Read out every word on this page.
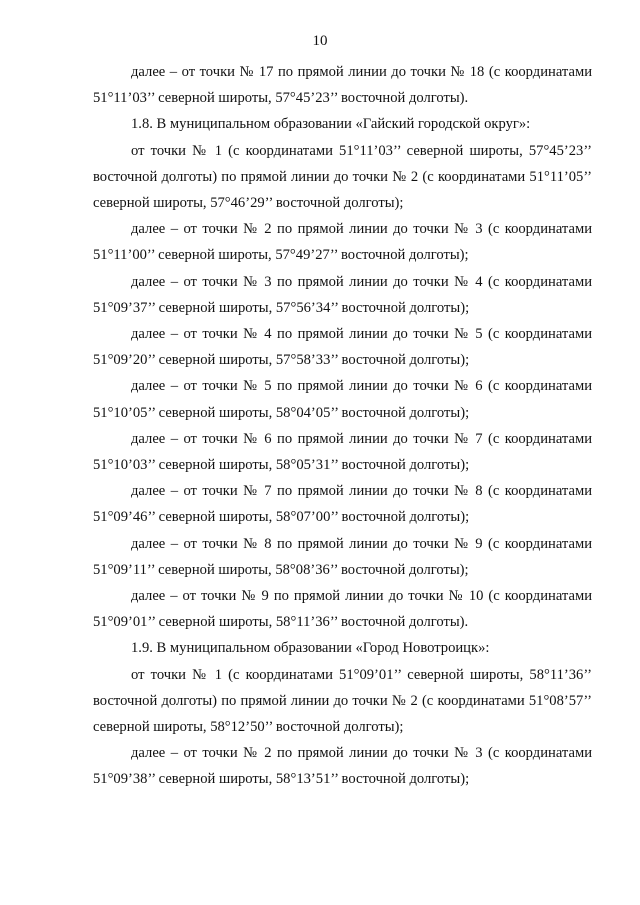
10

далее – от точки № 17 по прямой линии до точки № 18 (с координатами 51°11’03’’ северной широты, 57°45’23’’ восточной долготы).

1.8. В муниципальном образовании «Гайский городской округ»:

от точки № 1 (с координатами 51°11’03’’ северной широты, 57°45’23’’ восточной долготы) по прямой линии до точки № 2 (с координатами 51°11’05’’ северной широты, 57°46’29’’ восточной долготы);

далее – от точки № 2 по прямой линии до точки № 3 (с координатами 51°11’00’’ северной широты, 57°49’27’’ восточной долготы);

далее – от точки № 3 по прямой линии до точки № 4 (с координатами 51°09’37’’ северной широты, 57°56’34’’ восточной долготы);

далее – от точки № 4 по прямой линии до точки № 5 (с координатами 51°09’20’’ северной широты, 57°58’33’’ восточной долготы);

далее – от точки № 5 по прямой линии до точки № 6 (с координатами 51°10’05’’ северной широты, 58°04’05’’ восточной долготы);

далее – от точки № 6 по прямой линии до точки № 7 (с координатами 51°10’03’’ северной широты, 58°05’31’’ восточной долготы);

далее – от точки № 7 по прямой линии до точки № 8 (с координатами 51°09’46’’ северной широты, 58°07’00’’ восточной долготы);

далее – от точки № 8 по прямой линии до точки № 9 (с координатами 51°09’11’’ северной широты, 58°08’36’’ восточной долготы);

далее – от точки № 9 по прямой линии до точки № 10 (с координатами 51°09’01’’ северной широты, 58°11’36’’ восточной долготы).

1.9. В муниципальном образовании «Город Новотроицк»:

от точки № 1 (с координатами 51°09’01’’ северной широты, 58°11’36’’ восточной долготы) по прямой линии до точки № 2 (с координатами 51°08’57’’ северной широты, 58°12’50’’ восточной долготы);

далее – от точки № 2 по прямой линии до точки № 3 (с координатами 51°09’38’’ северной широты, 58°13’51’’ восточной долготы);
